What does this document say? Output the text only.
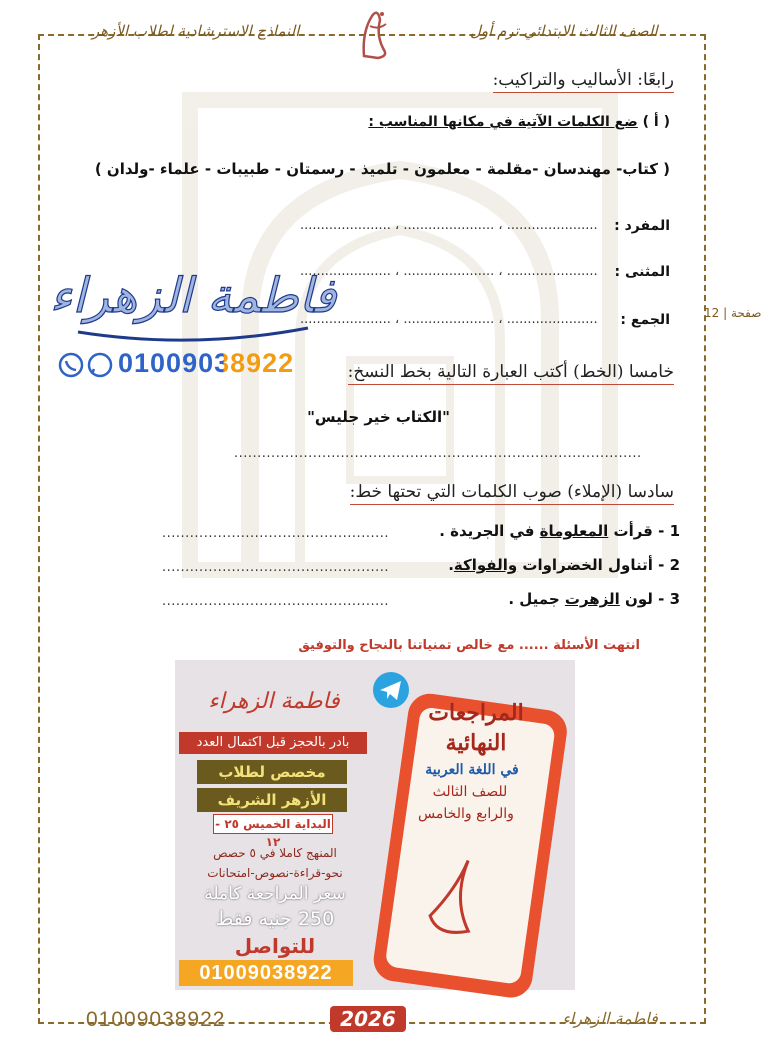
الصف الثالث الابتدائي ترم أول
النماذج الاسترشادية لطلاب الأزهر
صفحة | 12
رابعًا: الأساليب والتراكيب:
( أ ) ضع الكلمات الآتية في مكانها المناسب :
( كتاب- مهندسان -مقلمة - معلمون - تلميذ - رسمتان - طبيبات - علماء -ولدان )
المفرد :
...................... ، ...................... ، ......................
المثنى :
...................... ، ...................... ، ......................
الجمع :
...................... ، ...................... ، ......................
فاطمة الزهراء
01009038922	خامسا (الخط) أكتب العبارة التالية بخط النسخ:
"الكتاب خير جليس"
........................................................................................
سادسا (الإملاء) صوب الكلمات التي تحتها خط:
1 - قرأت المعلوماة في الجريدة .
.................................................
2 - أتناول الخضراوات والفواكة.
.................................................
3 - لون الزهرت جميل .
.................................................
انتهت الأسئلة ...... مع خالص تمنياتنا بالنجاح والتوفيق
فاطمة الزهراء
بادر بالحجز قبل اكتمال العدد
مخصص لطلاب
الأزهر الشريف
البداية الخميس ٢٥ - ١٢
المنهج كاملا في ٥ حصص
نحو-قراءة-نصوص-امتحانات
سعر المراجعة كاملة
250 جنيه فقط
للتواصل
01009038922
المراجعات
النهائية
في اللغة العربية
للصف الثالث
والرابع والخامس
01009038922	2026	فاطمة الزهراء
